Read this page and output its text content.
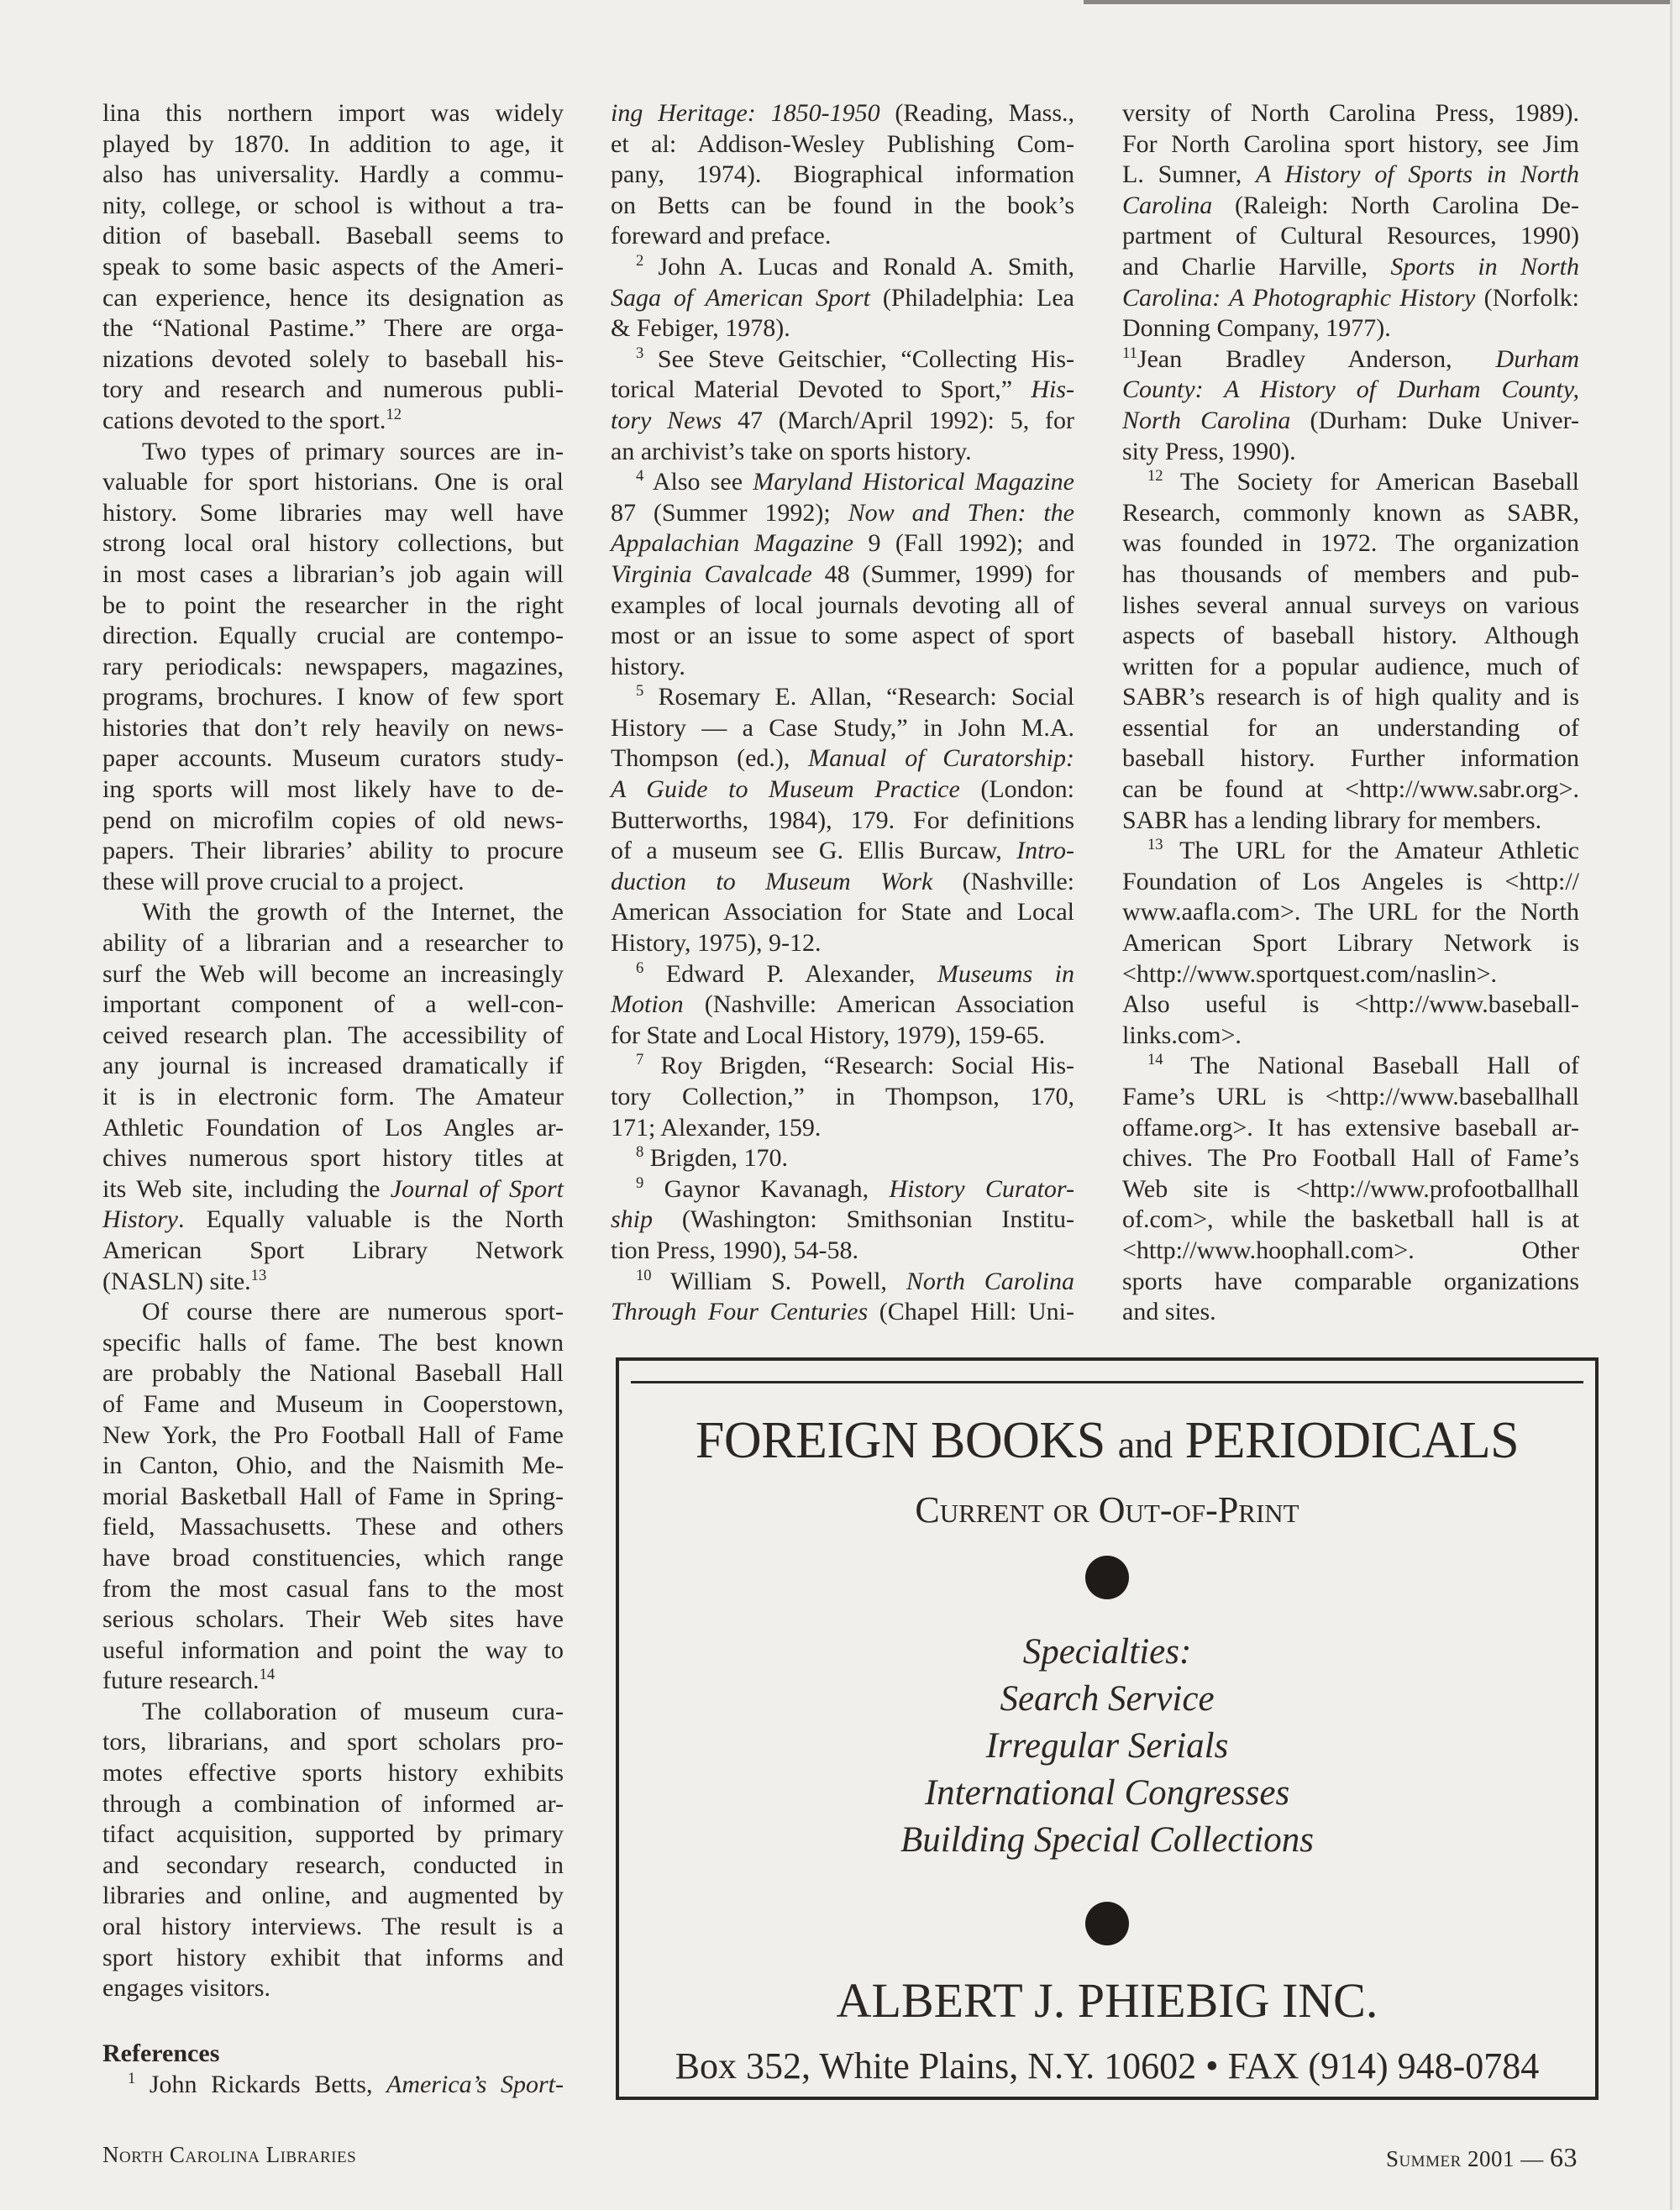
lina this northern import was widely
played by 1870. In addition to age, it
also has universality. Hardly a commu-
nity, college, or school is without a tra-
dition of baseball. Baseball seems to
speak to some basic aspects of the Ameri-
can experience, hence its designation as
the “National Pastime.” There are orga-
nizations devoted solely to baseball his-
tory and research and numerous publi-
cations devoted to the sport.$^{12}$
Two types of primary sources are in-
valuable for sport historians. One is oral
history. Some libraries may well have
strong local oral history collections, but
in most cases a librarian’s job again will
be to point the researcher in the right
direction. Equally crucial are contempo-
rary periodicals: newspapers, magazines,
programs, brochures. I know of few sport
histories that don’t rely heavily on news-
paper accounts. Museum curators study-
ing sports will most likely have to de-
pend on microfilm copies of old news-
papers. Their libraries’ ability to procure
these will prove crucial to a project.
With the growth of the Internet, the
ability of a librarian and a researcher to
surf the Web will become an increasingly
important component of a well-con-
ceived research plan. The accessibility of
any journal is increased dramatically if
it is in electronic form. The Amateur
Athletic Foundation of Los Angles ar-
chives numerous sport history titles at
its Web site, including the Journal of Sport
History. Equally valuable is the North
American Sport Library Network
(NASLN) site.$^{13}$
Of course there are numerous sport-
specific halls of fame. The best known
are probably the National Baseball Hall
of Fame and Museum in Cooperstown,
New York, the Pro Football Hall of Fame
in Canton, Ohio, and the Naismith Me-
morial Basketball Hall of Fame in Spring-
field, Massachusetts. These and others
have broad constituencies, which range
from the most casual fans to the most
serious scholars. Their Web sites have
useful information and point the way to
future research.$^{14}$
The collaboration of museum cura-
tors, librarians, and sport scholars pro-
motes effective sports history exhibits
through a combination of informed ar-
tifact acquisition, supported by primary
and secondary research, conducted in
libraries and online, and augmented by
oral history interviews. The result is a
sport history exhibit that informs and
engages visitors.
ing Heritage: 1850-1950 (Reading, Mass.,
et al: Addison-Wesley Publishing Com-
pany, 1974). Biographical information
on Betts can be found in the book’s
foreward and preface.
$^2$ John A. Lucas and Ronald A. Smith,
Saga of American Sport (Philadelphia: Lea
& Febiger, 1978).
$^3$ See Steve Geitschier, “Collecting His-
torical Material Devoted to Sport,” His-
tory News 47 (March/April 1992): 5, for
an archivist’s take on sports history.
$^4$ Also see Maryland Historical Magazine
87 (Summer 1992); Now and Then: the
Appalachian Magazine 9 (Fall 1992); and
Virginia Cavalcade 48 (Summer, 1999) for
examples of local journals devoting all of
most or an issue to some aspect of sport
history.
$^5$ Rosemary E. Allan, “Research: Social
History — a Case Study,” in John M.A.
Thompson (ed.), Manual of Curatorship:
A Guide to Museum Practice (London:
Butterworths, 1984), 179. For definitions
of a museum see G. Ellis Burcaw, Intro-
duction to Museum Work (Nashville:
American Association for State and Local
History, 1975), 9-12.
$^6$ Edward P. Alexander, Museums in
Motion (Nashville: American Association
for State and Local History, 1979), 159-65.
$^7$ Roy Brigden, “Research: Social His-
tory Collection,” in Thompson, 170,
171; Alexander, 159.
$^8$ Brigden, 170.
$^9$ Gaynor Kavanagh, History Curator-
ship (Washington: Smithsonian Institu-
tion Press, 1990), 54-58.
$^{10}$ William S. Powell, North Carolina
Through Four Centuries (Chapel Hill: Uni-
versity of North Carolina Press, 1989).
For North Carolina sport history, see Jim
L. Sumner, A History of Sports in North
Carolina (Raleigh: North Carolina De-
partment of Cultural Resources, 1990)
and Charlie Harville, Sports in North
Carolina: A Photographic History (Norfolk:
Donning Company, 1977).
$^{11}$Jean Bradley Anderson, Durham
County: A History of Durham County,
North Carolina (Durham: Duke Univer-
sity Press, 1990).
$^{12}$ The Society for American Baseball
Research, commonly known as SABR,
was founded in 1972. The organization
has thousands of members and pub-
lishes several annual surveys on various
aspects of baseball history. Although
written for a popular audience, much of
SABR’s research is of high quality and is
essential for an understanding of
baseball history. Further information
can be found at <http://www.sabr.org>.
SABR has a lending library for members.
$^{13}$ The URL for the Amateur Athletic
Foundation of Los Angeles is <http://
www.aafla.com>. The URL for the North
American Sport Library Network is
<http://www.sportquest.com/naslin>.
Also useful is <http://www.baseball-
links.com>.
$^{14}$ The National Baseball Hall of
Fame’s URL is <http://www.baseballhall
offame.org>. It has extensive baseball ar-
chives. The Pro Football Hall of Fame’s
Web site is <http://www.profootballhall
of.com>, while the basketball hall is at
<http://www.hoophall.com>. Other
sports have comparable organizations
and sites.
References
$^1$ John Rickards Betts, America’s Sport-
FOREIGN BOOKS and PERIODICALS
Current or Out-of-Print
Specialties:
Search Service
Irregular Serials
International Congresses
Building Special Collections
ALBERT J. PHIEBIG INC.
Box 352, White Plains, N.Y. 10602 • FAX (914) 948-0784
North Carolina Libraries	Summer 2001 — 63
